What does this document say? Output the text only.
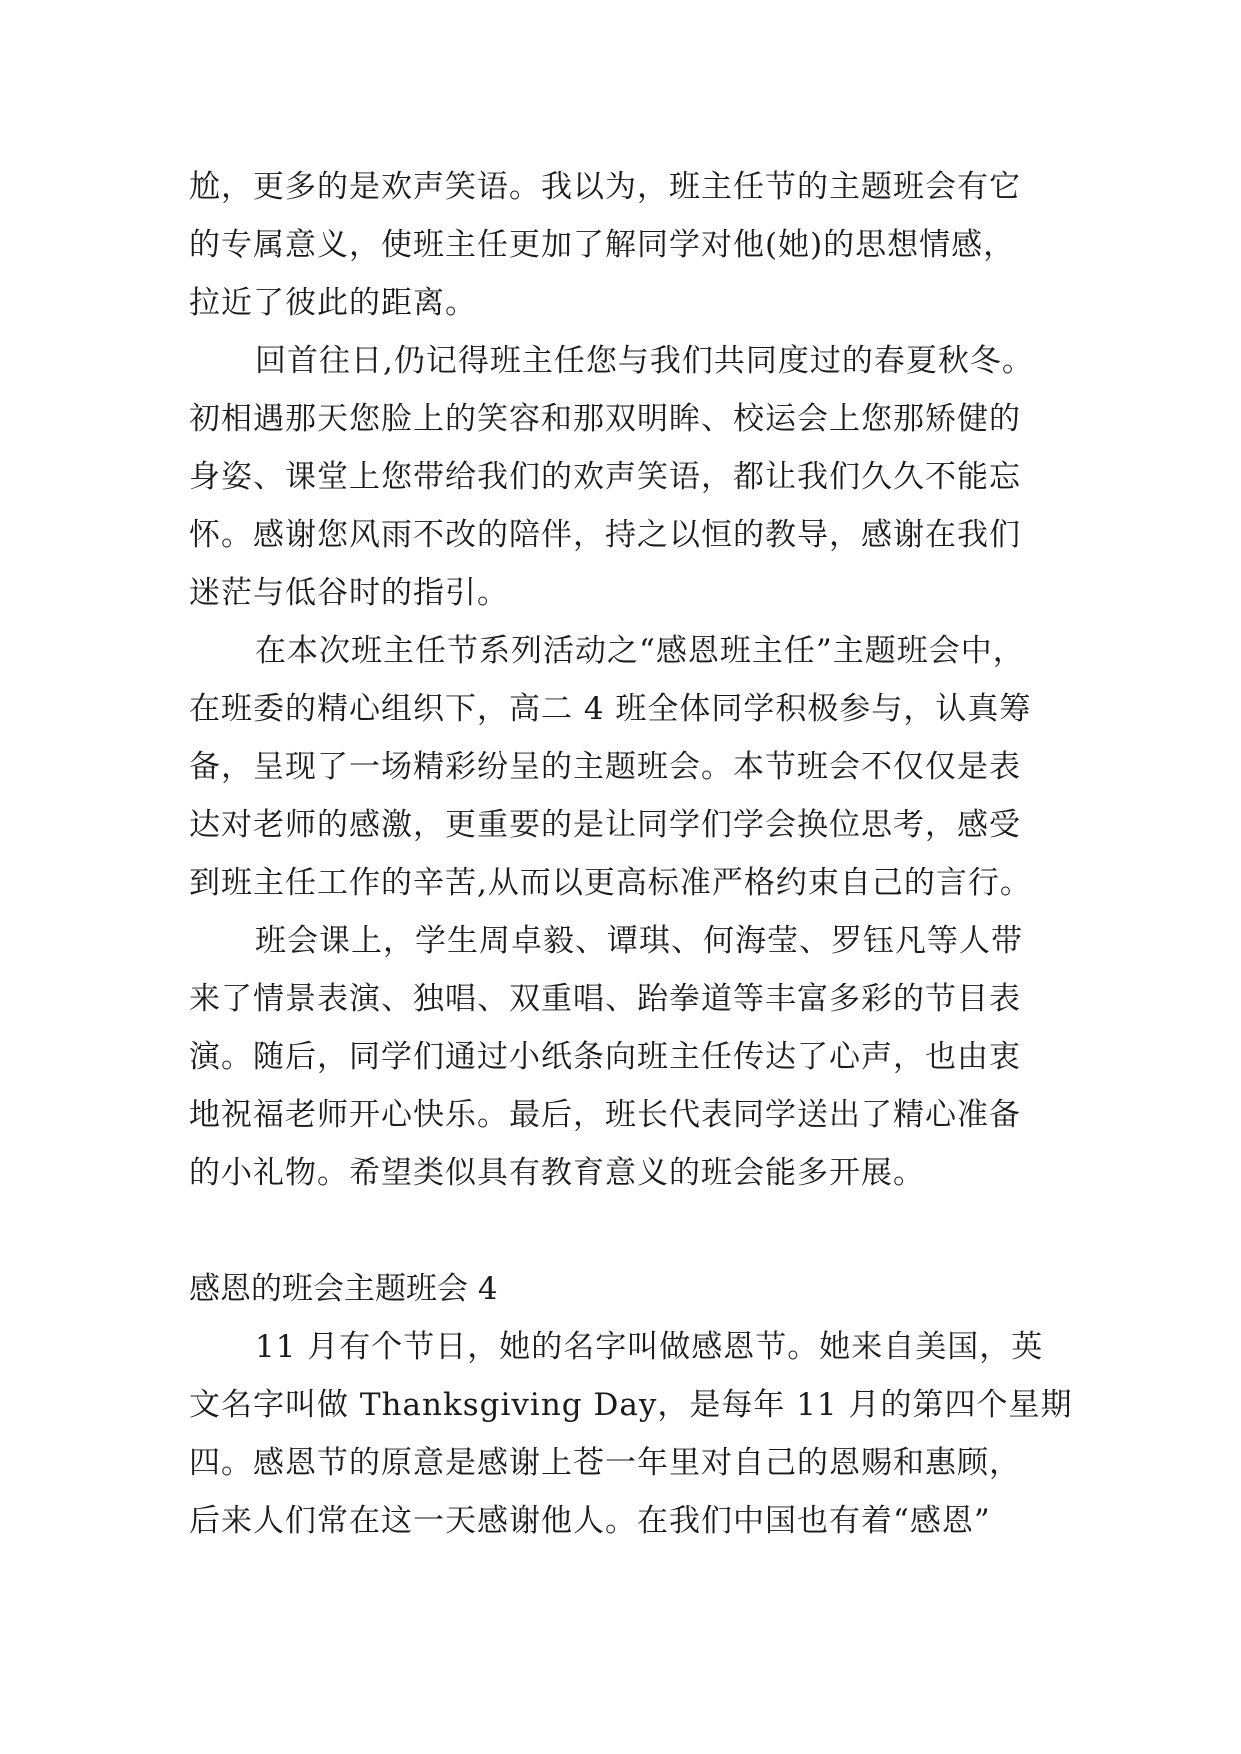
尬，更多的是欢声笑语。我以为，班主任节的主题班会有它
的专属意义，使班主任更加了解同学对他(她)的思想情感，
拉近了彼此的距离。
回首往日,仍记得班主任您与我们共同度过的春夏秋冬。
初相遇那天您脸上的笑容和那双明眸、校运会上您那矫健的
身姿、课堂上您带给我们的欢声笑语，都让我们久久不能忘
怀。感谢您风雨不改的陪伴，持之以恒的教导，感谢在我们
迷茫与低谷时的指引。
在本次班主任节系列活动之“感恩班主任”主题班会中，
在班委的精心组织下，高二 4 班全体同学积极参与，认真筹
备，呈现了一场精彩纷呈的主题班会。本节班会不仅仅是表
达对老师的感激，更重要的是让同学们学会换位思考，感受
到班主任工作的辛苦,从而以更高标准严格约束自己的言行。
班会课上，学生周卓毅、谭琪、何海莹、罗钰凡等人带
来了情景表演、独唱、双重唱、跆拳道等丰富多彩的节目表
演。随后，同学们通过小纸条向班主任传达了心声，也由衷
地祝福老师开心快乐。最后，班长代表同学送出了精心准备
的小礼物。希望类似具有教育意义的班会能多开展。
感恩的班会主题班会 4
11 月有个节日，她的名字叫做感恩节。她来自美国，英
文名字叫做 Thanksgiving Day，是每年 11 月的第四个星期
四。感恩节的原意是感谢上苍一年里对自己的恩赐和惠顾，
后来人们常在这一天感谢他人。在我们中国也有着“感恩”
